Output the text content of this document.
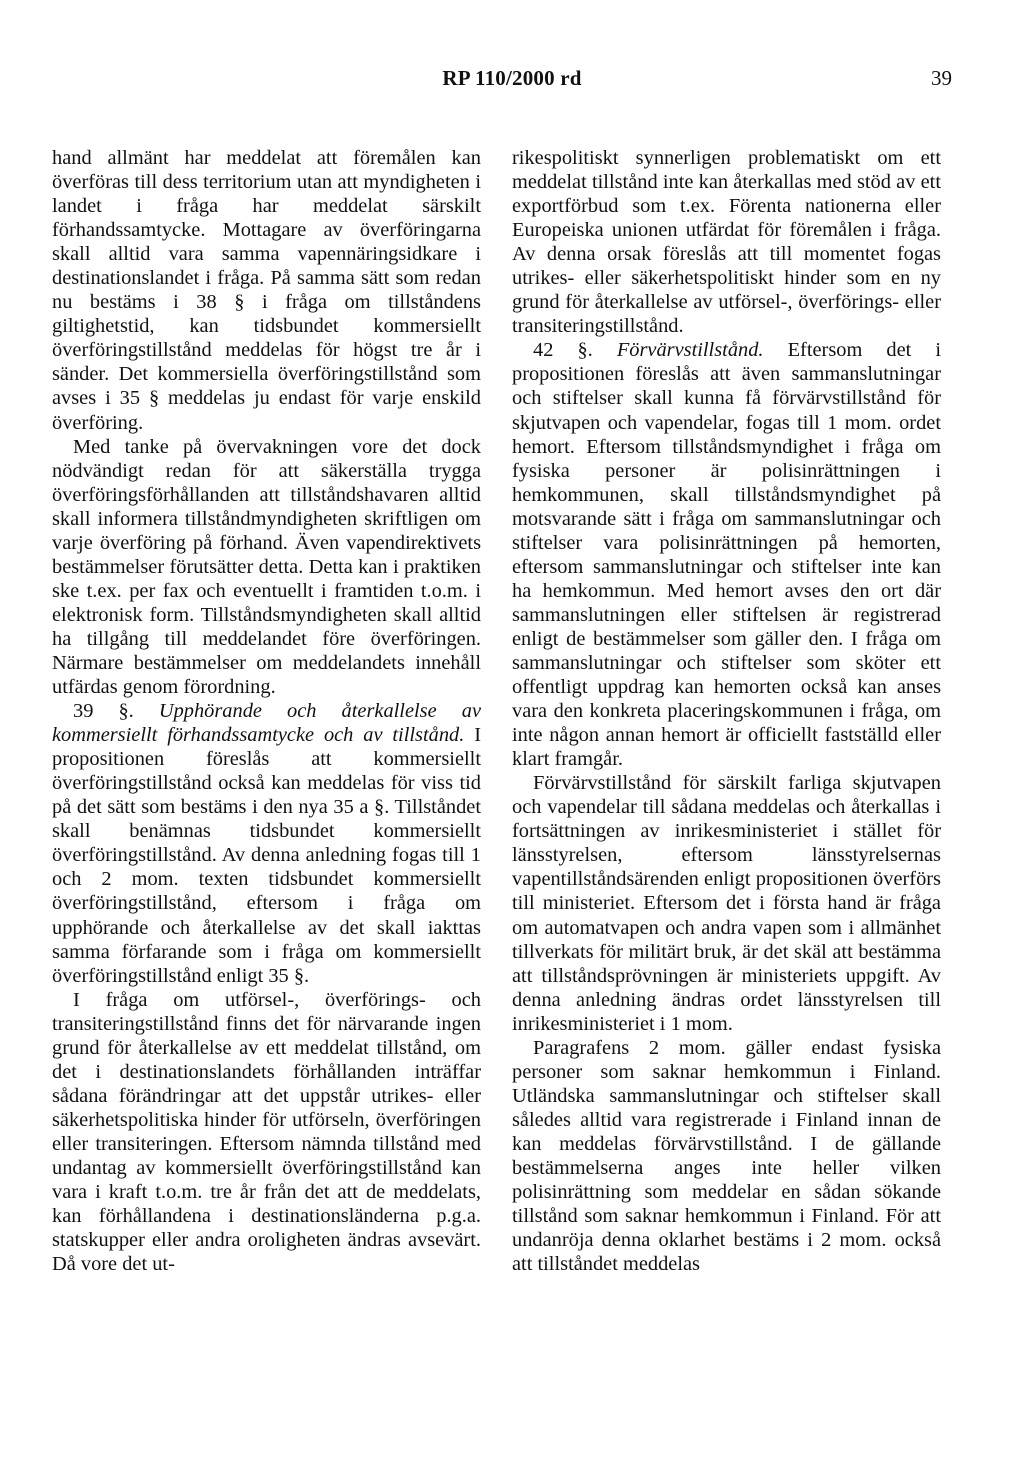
RP 110/2000 rd	39

hand allmänt har meddelat att föremålen kan överföras till dess territorium utan att myndigheten i landet i fråga har meddelat särskilt förhandssamtycke. Mottagare av överföringarna skall alltid vara samma vapennäringsidkare i destinationslandet i fråga. På samma sätt som redan nu bestäms i 38 § i fråga om tillståndens giltighetstid, kan tidsbundet kommersiellt överföringstillstånd meddelas för högst tre år i sänder. Det kommersiella överföringstillstånd som avses i 35 § meddelas ju endast för varje enskild överföring.

Med tanke på övervakningen vore det dock nödvändigt redan för att säkerställa trygga överföringsförhållanden att tillståndshavaren alltid skall informera tillståndmyndigheten skriftligen om varje överföring på förhand. Även vapendirektivets bestämmelser förutsätter detta. Detta kan i praktiken ske t.ex. per fax och eventuellt i framtiden t.o.m. i elektronisk form. Tillståndsmyndigheten skall alltid ha tillgång till meddelandet före överföringen. Närmare bestämmelser om meddelandets innehåll utfärdas genom förordning.

39 §. Upphörande och återkallelse av kommersiellt förhandssamtycke och av tillstånd. I propositionen föreslås att kommersiellt överföringstillstånd också kan meddelas för viss tid på det sätt som bestäms i den nya 35 a §. Tillståndet skall benämnas tidsbundet kommersiellt överföringstillstånd. Av denna anledning fogas till 1 och 2 mom. texten tidsbundet kommersiellt överföringstillstånd, eftersom i fråga om upphörande och återkallelse av det skall iakttas samma förfarande som i fråga om kommersiellt överföringstillstånd enligt 35 §.

I fråga om utförsel-, överförings- och transiteringstillstånd finns det för närvarande ingen grund för återkallelse av ett meddelat tillstånd, om det i destinationslandets förhållanden inträffar sådana förändringar att det uppstår utrikes- eller säkerhetspolitiska hinder för utförseln, överföringen eller transiteringen. Eftersom nämnda tillstånd med undantag av kommersiellt överföringstillstånd kan vara i kraft t.o.m. tre år från det att de meddelats, kan förhållandena i destinationsländerna p.g.a. statskupper eller andra oroligheten ändras avsevärt. Då vore det ut-

rikespolitiskt synnerligen problematiskt om ett meddelat tillstånd inte kan återkallas med stöd av ett exportförbud som t.ex. Förenta nationerna eller Europeiska unionen utfärdat för föremålen i fråga. Av denna orsak föreslås att till momentet fogas utrikes- eller säkerhetspolitiskt hinder som en ny grund för återkallelse av utförsel-, överförings- eller transiteringstillstånd.

42 §. Förvärvstillstånd. Eftersom det i propositionen föreslås att även sammanslutningar och stiftelser skall kunna få förvärvstillstånd för skjutvapen och vapendelar, fogas till 1 mom. ordet hemort. Eftersom tillståndsmyndighet i fråga om fysiska personer är polisinrättningen i hemkommunen, skall tillståndsmyndighet på motsvarande sätt i fråga om sammanslutningar och stiftelser vara polisinrättningen på hemorten, eftersom sammanslutningar och stiftelser inte kan ha hemkommun. Med hemort avses den ort där sammanslutningen eller stiftelsen är registrerad enligt de bestämmelser som gäller den. I fråga om sammanslutningar och stiftelser som sköter ett offentligt uppdrag kan hemorten också kan anses vara den konkreta placeringskommunen i fråga, om inte någon annan hemort är officiellt fastställd eller klart framgår.

Förvärvstillstånd för särskilt farliga skjutvapen och vapendelar till sådana meddelas och återkallas i fortsättningen av inrikesministeriet i stället för länsstyrelsen, eftersom länsstyrelsernas vapentillståndsärenden enligt propositionen överförs till ministeriet. Eftersom det i första hand är fråga om automatvapen och andra vapen som i allmänhet tillverkats för militärt bruk, är det skäl att bestämma att tillståndsprövningen är ministeriets uppgift. Av denna anledning ändras ordet länsstyrelsen till inrikesministeriet i 1 mom.

Paragrafens 2 mom. gäller endast fysiska personer som saknar hemkommun i Finland. Utländska sammanslutningar och stiftelser skall således alltid vara registrerade i Finland innan de kan meddelas förvärvstillstånd. I de gällande bestämmelserna anges inte heller vilken polisinrättning som meddelar en sådan sökande tillstånd som saknar hemkommun i Finland. För att undanröja denna oklarhet bestäms i 2 mom. också att tillståndet meddelas
